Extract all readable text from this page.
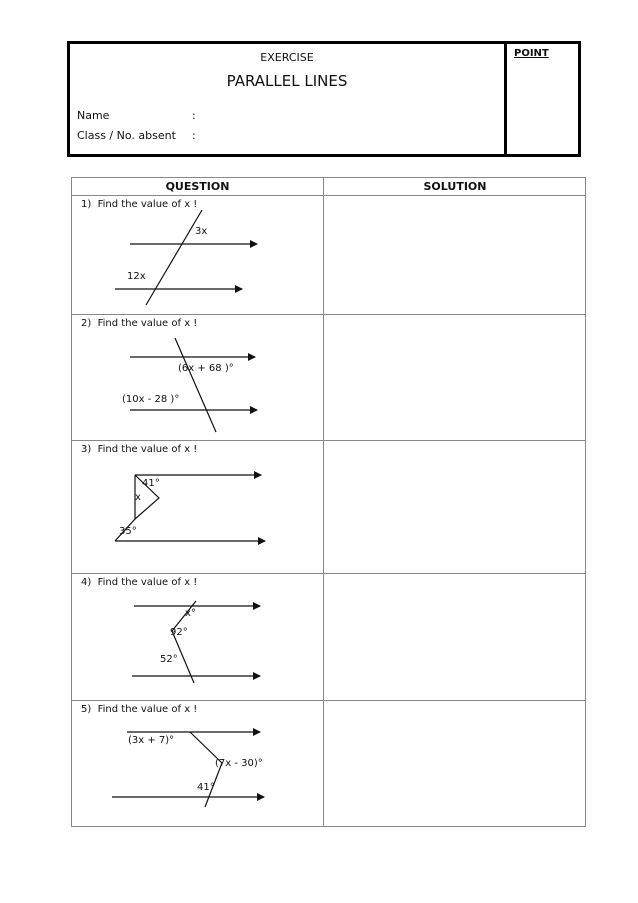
EXERCISE
PARALLEL LINES
POINT
Name	:
Class / No. absent :
QUESTION	SOLUTION
3x
12x
1) Find the value of x !
(6x + 68 )°
(10x - 28 )°
2) Find the value of x !
41°
x
35°
3) Find the value of x !
x°
92°
52°
4) Find the value of x !
(3x + 7)°
(7x - 30)°
41°
5) Find the value of x !
